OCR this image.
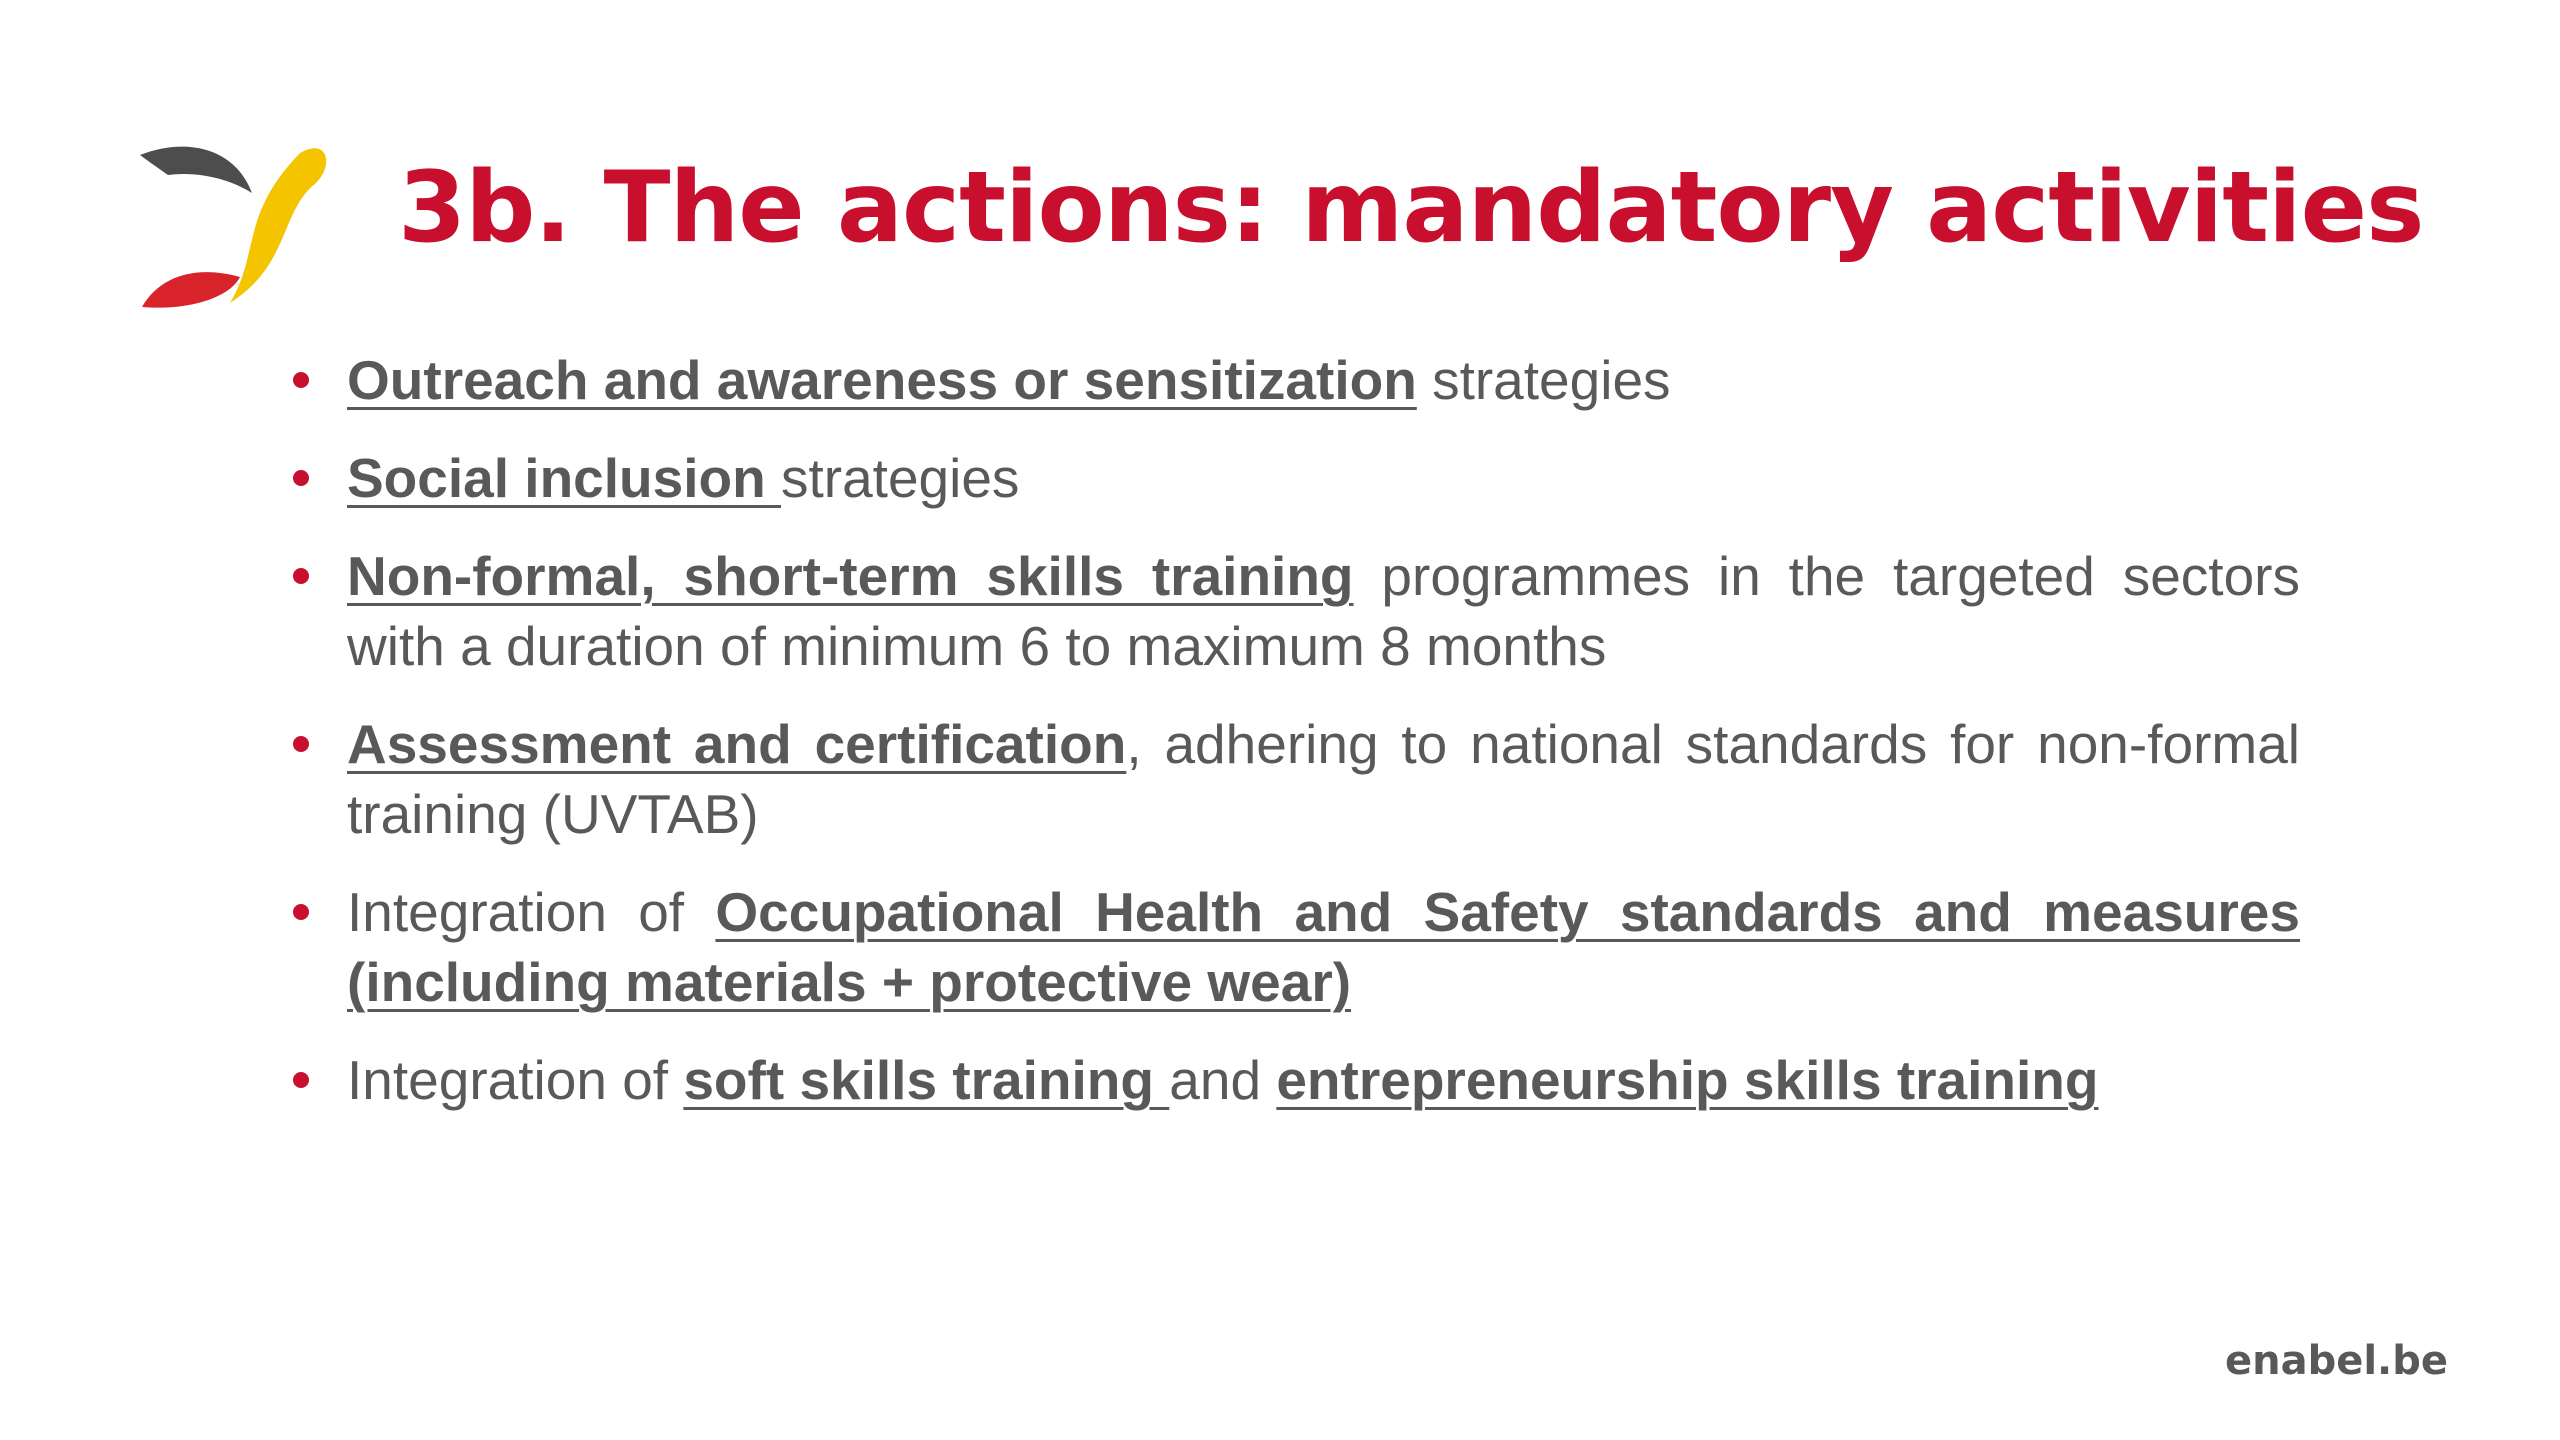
3b. The actions: mandatory activities
Outreach and awareness or sensitization strategies
Social inclusion strategies
Non-formal, short-term skills training programmes in the targeted sectors with a duration of minimum 6 to maximum 8 months
Assessment and certification, adhering to national standards for non-formal training (UVTAB)
Integration of Occupational Health and Safety standards and measures (including materials + protective wear)
Integration of soft skills training and entrepreneurship skills training
enabel.be
